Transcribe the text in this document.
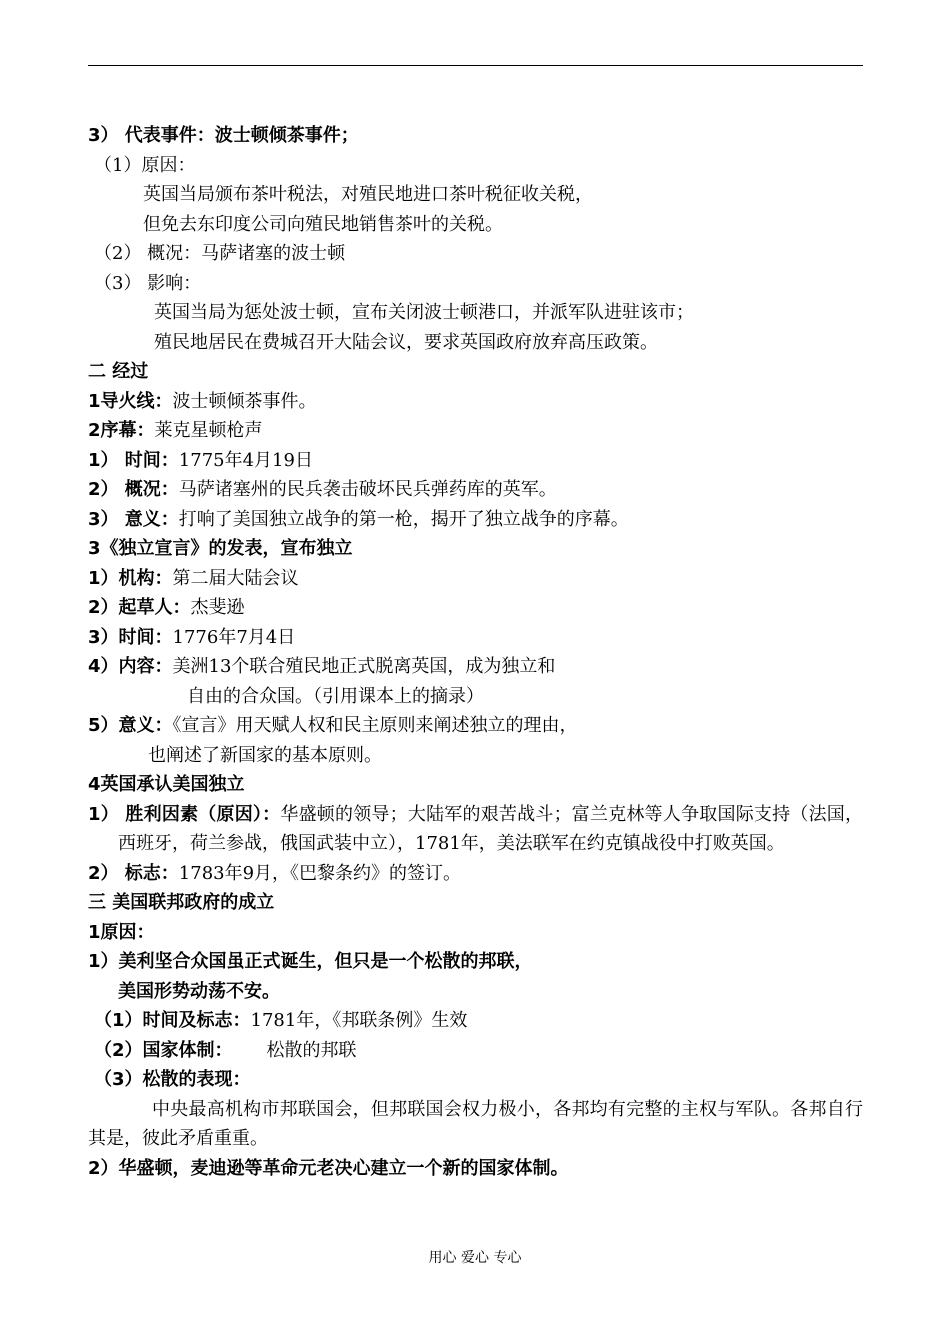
3） 代表事件：波士顿倾茶事件；
（1）原因：
英国当局颁布茶叶税法，对殖民地进口茶叶税征收关税，
但免去东印度公司向殖民地销售茶叶的关税。
（2） 概况：马萨诸塞的波士顿
（3） 影响：
英国当局为惩处波士顿，宣布关闭波士顿港口，并派军队进驻该市；
殖民地居民在费城召开大陆会议，要求英国政府放弃高压政策。
二 经过
1导火线：波士顿倾茶事件。
2序幕：莱克星顿枪声
1） 时间：1775年4月19日
2） 概况：马萨诸塞州的民兵袭击破坏民兵弹药库的英军。
3） 意义：打响了美国独立战争的第一枪，揭开了独立战争的序幕。
3《独立宣言》的发表，宣布独立
1）机构：第二届大陆会议
2）起草人：杰斐逊
3）时间：1776年7月4日
4）内容：美洲13个联合殖民地正式脱离英国，成为独立和
自由的合众国。（引用课本上的摘录）
5）意义：《宣言》用天赋人权和民主原则来阐述独立的理由，
也阐述了新国家的基本原则。
4英国承认美国独立
1） 胜利因素（原因）：华盛顿的领导；大陆军的艰苦战斗；富兰克林等人争取国际支持（法国，西班牙，荷兰参战，俄国武装中立），1781年，美法联军在约克镇战役中打败英国。
2） 标志：1783年9月，《巴黎条约》的签订。
三 美国联邦政府的成立
1原因：
1）美利坚合众国虽正式诞生，但只是一个松散的邦联，
美国形势动荡不安。
（1）时间及标志：1781年，《邦联条例》生效
（2）国家体制： 松散的邦联
（3）松散的表现：
中央最高机构市邦联国会，但邦联国会权力极小，各邦均有完整的主权与军队。各邦自行其是，彼此矛盾重重。
2）华盛顿，麦迪逊等革命元老决心建立一个新的国家体制。
用心 爱心 专心
